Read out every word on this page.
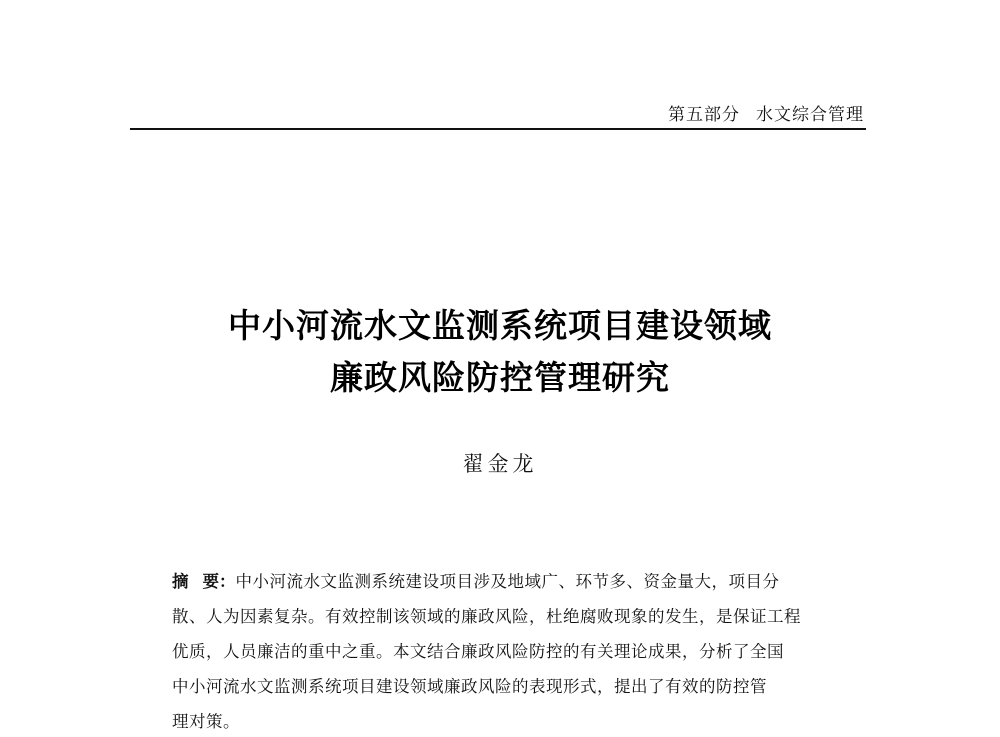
第五部分 水文综合管理
中小河流水文监测系统项目建设领域
廉政风险防控管理研究
翟金龙
摘 要：中小河流水文监测系统建设项目涉及地域广、环节多、资金量大，项目分
散、人为因素复杂。有效控制该领域的廉政风险，杜绝腐败现象的发生，是保证工程
优质，人员廉洁的重中之重。本文结合廉政风险防控的有关理论成果，分析了全国
中小河流水文监测系统项目建设领域廉政风险的表现形式，提出了有效的防控管
理对策。
